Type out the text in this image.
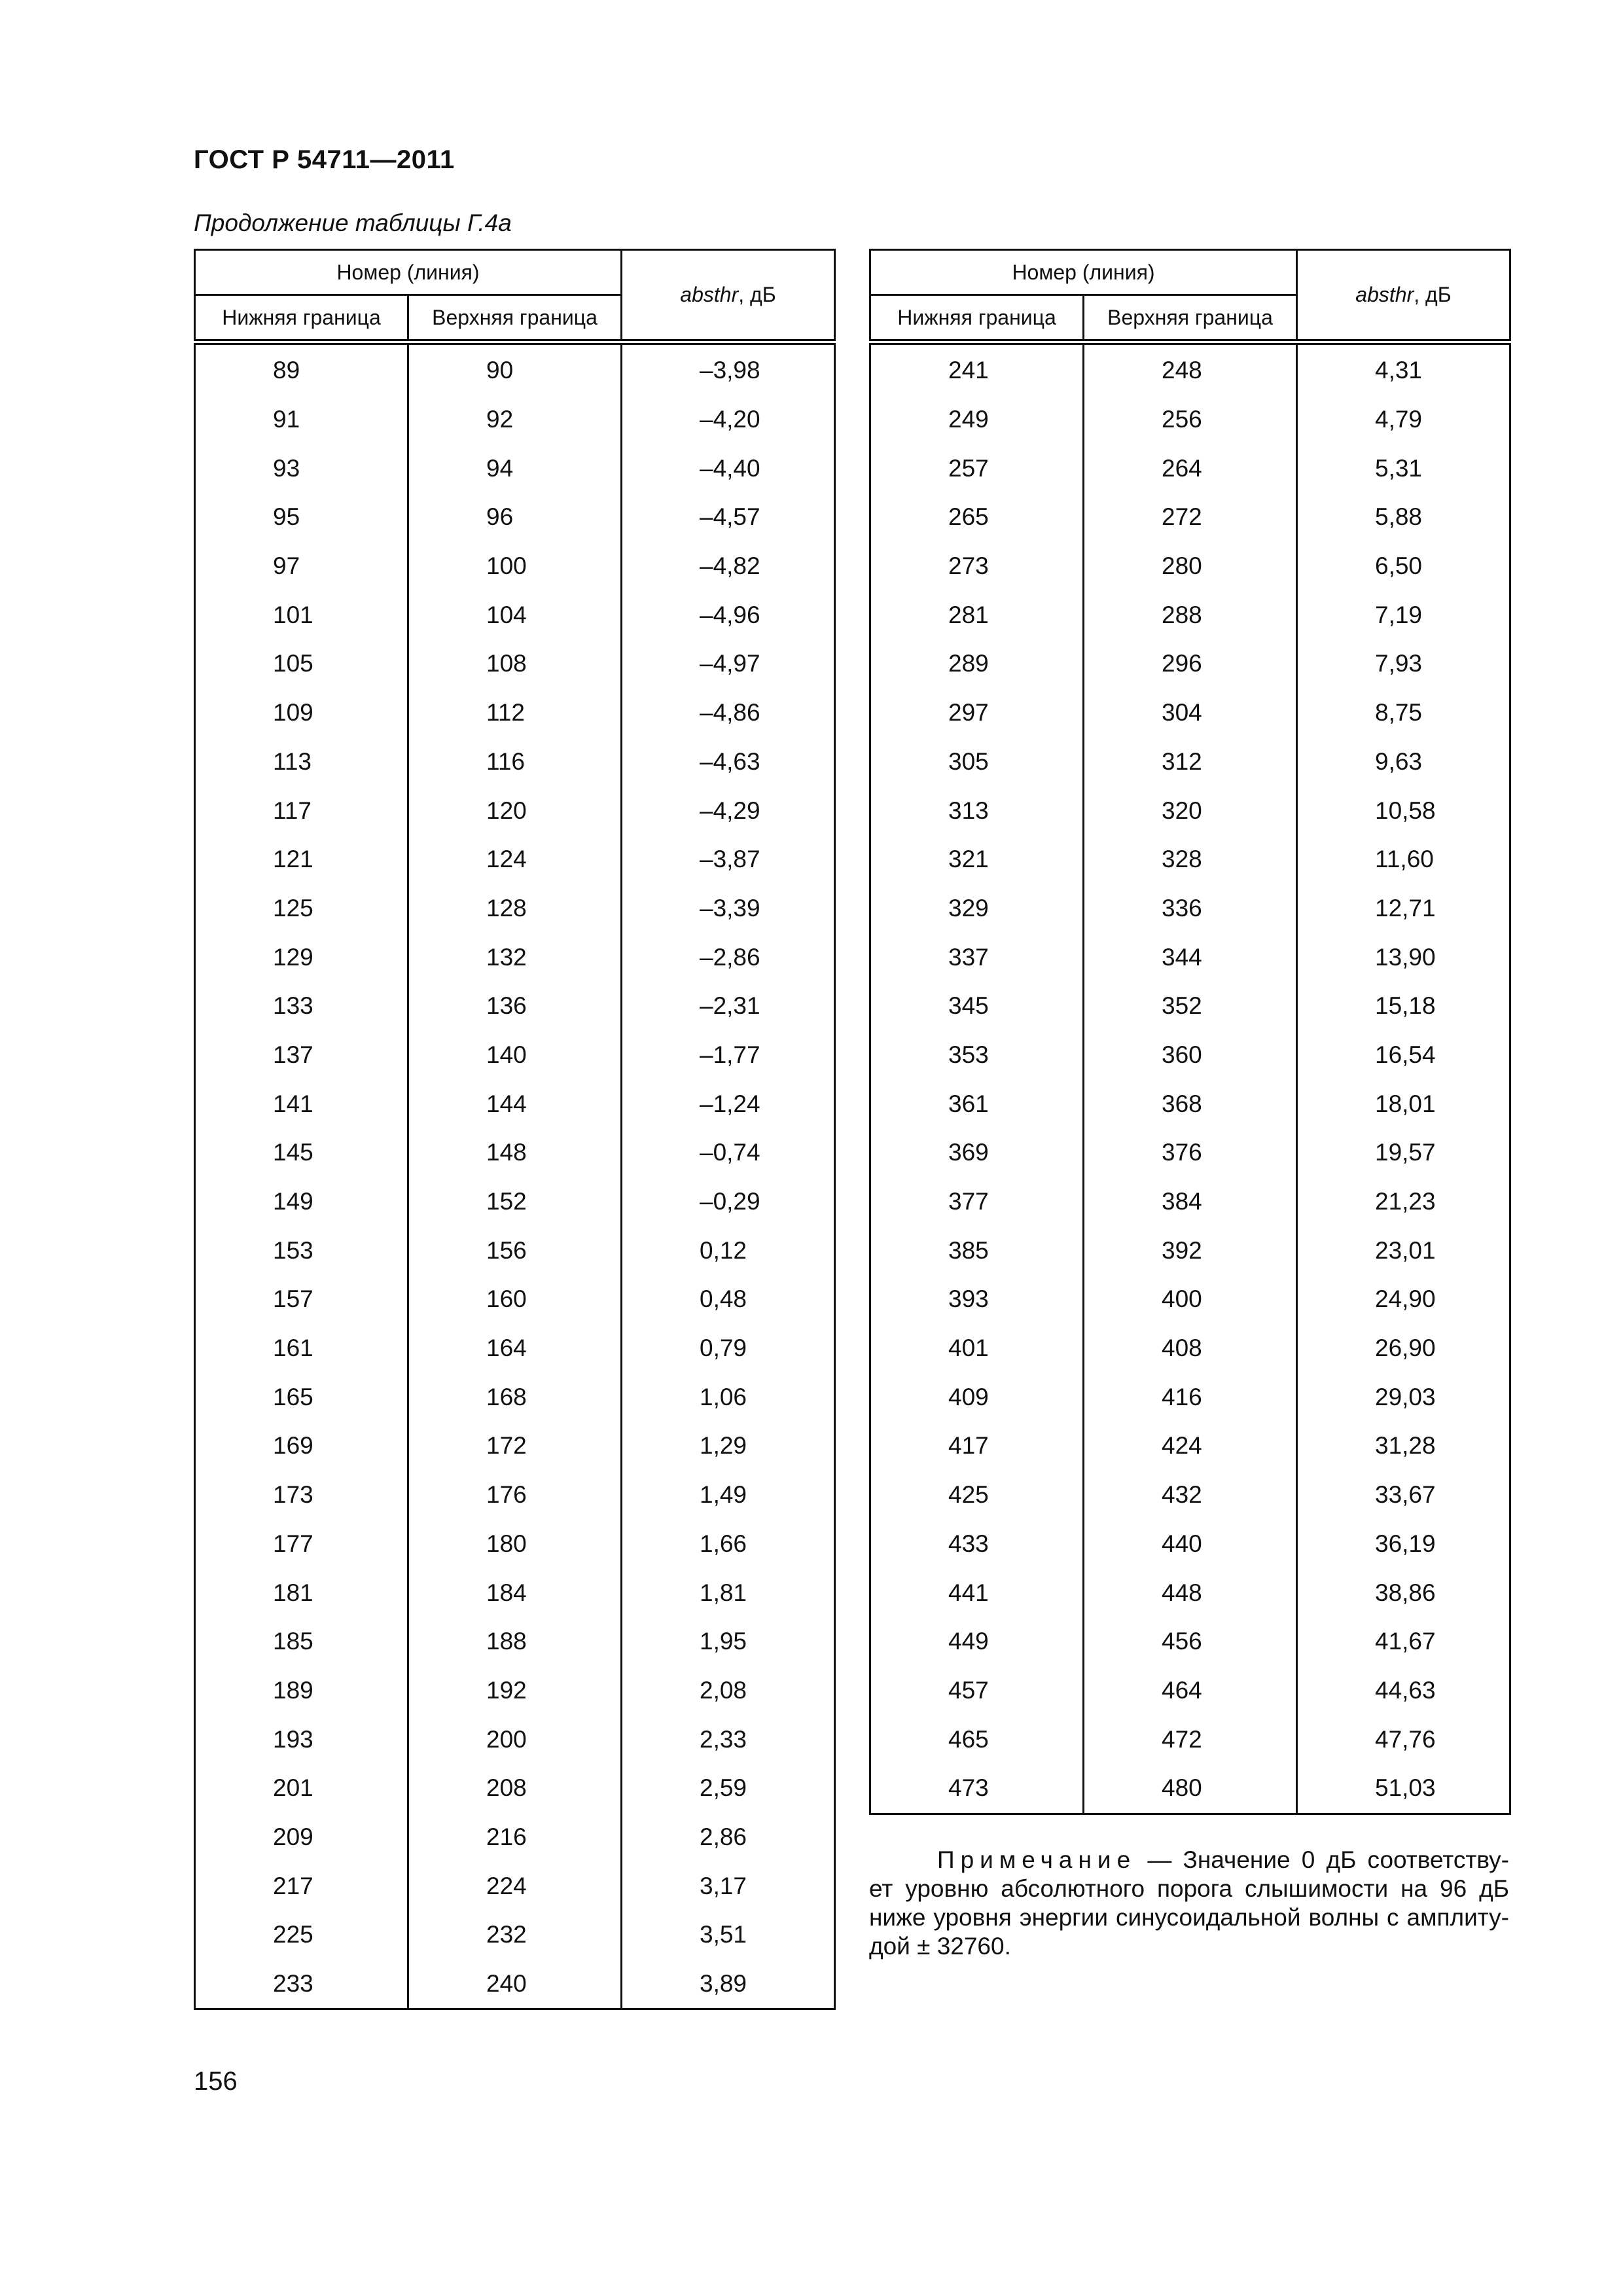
ГОСТ Р 54711—2011
Продолжение таблицы Г.4а
Номер (линия)		absthr, дБ
Нижняя граница	Верхняя граница	
89	90	–3,98
91	92	–4,20
93	94	–4,40
95	96	–4,57
97	100	–4,82
101	104	–4,96
105	108	–4,97
109	112	–4,86
113	116	–4,63
117	120	–4,29
121	124	–3,87
125	128	–3,39
129	132	–2,86
133	136	–2,31
137	140	–1,77
141	144	–1,24
145	148	–0,74
149	152	–0,29
153	156	0,12
157	160	0,48
161	164	0,79
165	168	1,06
169	172	1,29
173	176	1,49
177	180	1,66
181	184	1,81
185	188	1,95
189	192	2,08
193	200	2,33
201	208	2,59
209	216	2,86
217	224	3,17
225	232	3,51
233	240	3,89
Номер (линия)		absthr, дБ
Нижняя граница	Верхняя граница	
241	248	4,31
249	256	4,79
257	264	5,31
265	272	5,88
273	280	6,50
281	288	7,19
289	296	7,93
297	304	8,75
305	312	9,63
313	320	10,58
321	328	11,60
329	336	12,71
337	344	13,90
345	352	15,18
353	360	16,54
361	368	18,01
369	376	19,57
377	384	21,23
385	392	23,01
393	400	24,90
401	408	26,90
409	416	29,03
417	424	31,28
425	432	33,67
433	440	36,19
441	448	38,86
449	456	41,67
457	464	44,63
465	472	47,76
473	480	51,03
Примечание — Значение 0 дБ соответству-
ет уровню абсолютного порога слышимости на 96 дБ
ниже уровня энергии синусоидальной волны с амплиту-
дой ± 32760.
156
